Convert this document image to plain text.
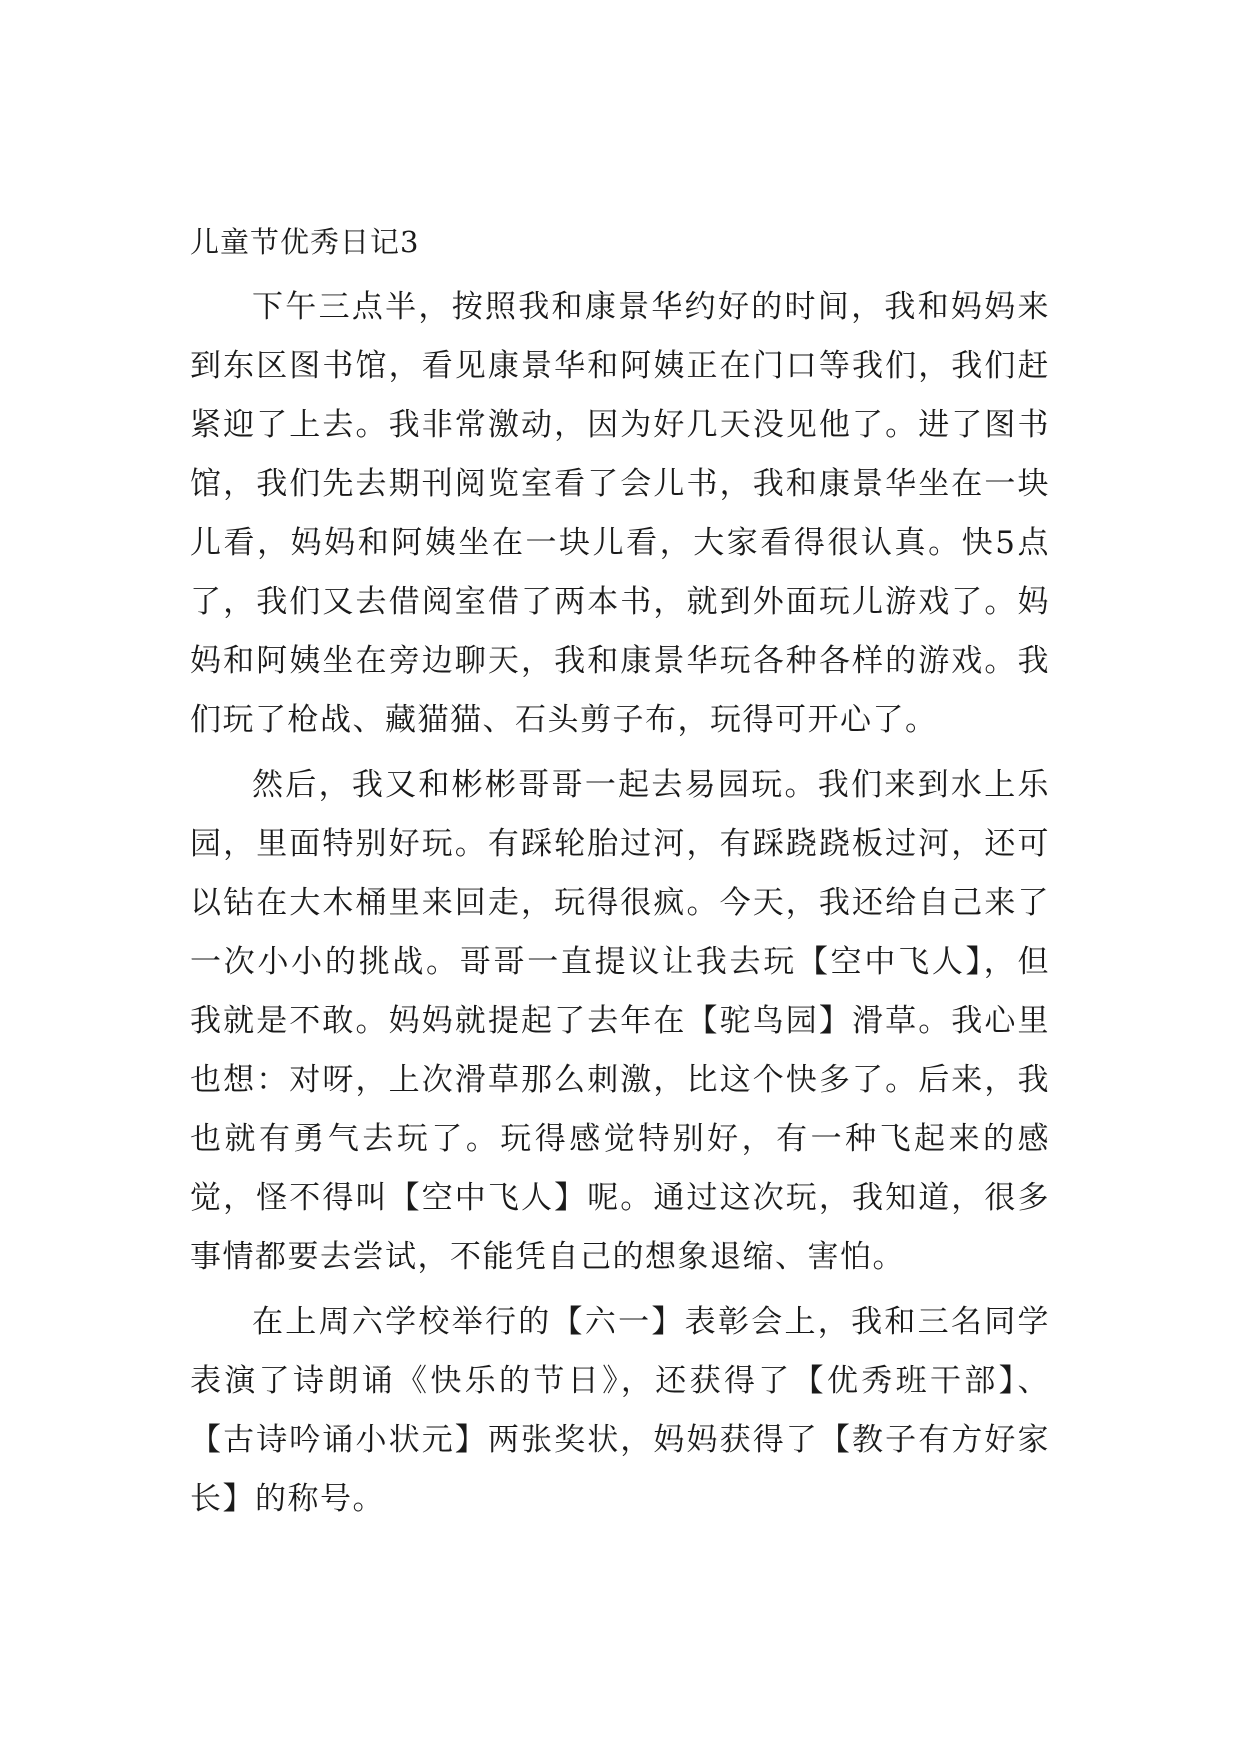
儿童节优秀日记3

下午三点半，按照我和康景华约好的时间，我和妈妈来到东区图书馆，看见康景华和阿姨正在门口等我们，我们赶紧迎了上去。我非常激动，因为好几天没见他了。进了图书馆，我们先去期刊阅览室看了会儿书，我和康景华坐在一块儿看，妈妈和阿姨坐在一块儿看，大家看得很认真。快5点了，我们又去借阅室借了两本书，就到外面玩儿游戏了。妈妈和阿姨坐在旁边聊天，我和康景华玩各种各样的游戏。我们玩了枪战、藏猫猫、石头剪子布，玩得可开心了。

然后，我又和彬彬哥哥一起去易园玩。我们来到水上乐园，里面特别好玩。有踩轮胎过河，有踩跷跷板过河，还可以钻在大木桶里来回走，玩得很疯。今天，我还给自己来了一次小小的挑战。哥哥一直提议让我去玩【空中飞人】，但我就是不敢。妈妈就提起了去年在【驼鸟园】滑草。我心里也想：对呀，上次滑草那么刺激，比这个快多了。后来，我也就有勇气去玩了。玩得感觉特别好，有一种飞起来的感觉，怪不得叫【空中飞人】呢。通过这次玩，我知道，很多事情都要去尝试，不能凭自己的想象退缩、害怕。

在上周六学校举行的【六一】表彰会上，我和三名同学表演了诗朗诵《快乐的节日》，还获得了【优秀班干部】、【古诗吟诵小状元】两张奖状，妈妈获得了【教子有方好家长】的称号。
